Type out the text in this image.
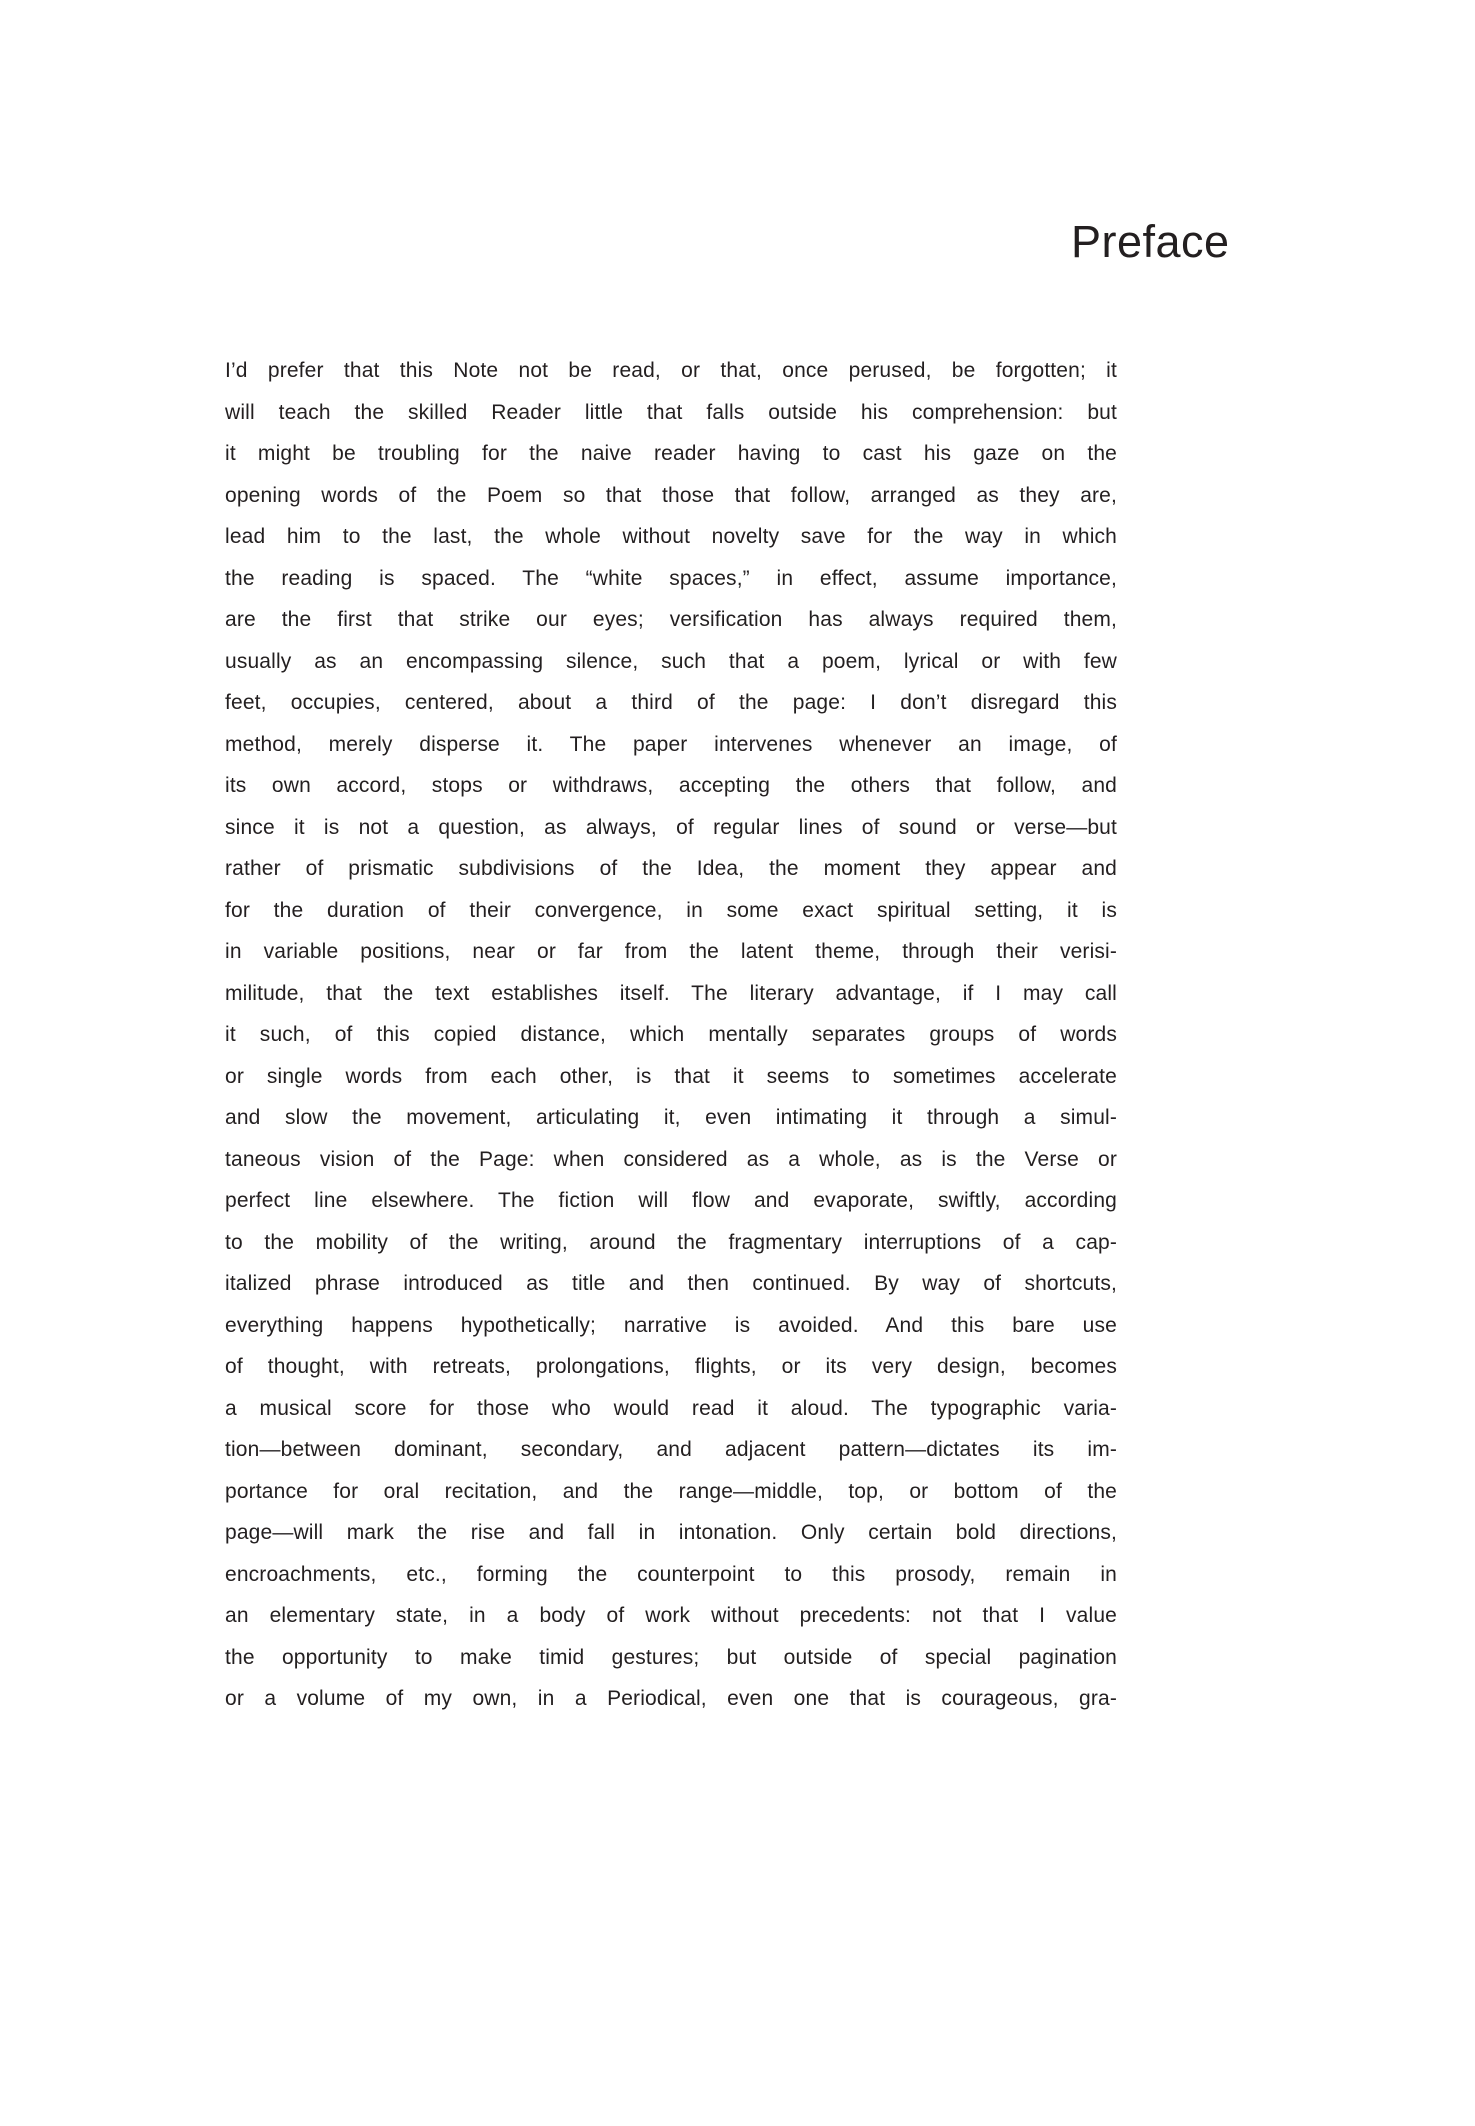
Preface
I’d prefer that this Note not be read, or that, once perused, be forgotten; it
will teach the skilled Reader little that falls outside his comprehension: but
it might be troubling for the naive reader having to cast his gaze on the
opening words of the Poem so that those that follow, arranged as they are,
lead him to the last, the whole without novelty save for the way in which
the reading is spaced. The “white spaces,” in effect, assume importance,
are the first that strike our eyes; versification has always required them,
usually as an encompassing silence, such that a poem, lyrical or with few
feet, occupies, centered, about a third of the page: I don’t disregard this
method, merely disperse it. The paper intervenes whenever an image, of
its own accord, stops or withdraws, accepting the others that follow, and
since it is not a question, as always, of regular lines of sound or verse—but
rather of prismatic subdivisions of the Idea, the moment they appear and
for the duration of their convergence, in some exact spiritual setting, it is
in variable positions, near or far from the latent theme, through their verisi-
militude, that the text establishes itself. The literary advantage, if I may call
it such, of this copied distance, which mentally separates groups of words
or single words from each other, is that it seems to sometimes accelerate
and slow the movement, articulating it, even intimating it through a simul-
taneous vision of the Page: when considered as a whole, as is the Verse or
perfect line elsewhere. The fiction will flow and evaporate, swiftly, according
to the mobility of the writing, around the fragmentary interruptions of a cap-
italized phrase introduced as title and then continued. By way of shortcuts,
everything happens hypothetically; narrative is avoided. And this bare use
of thought, with retreats, prolongations, flights, or its very design, becomes
a musical score for those who would read it aloud. The typographic varia-
tion—between dominant, secondary, and adjacent pattern—dictates its im-
portance for oral recitation, and the range—middle, top, or bottom of the
page—will mark the rise and fall in intonation. Only certain bold directions,
encroachments, etc., forming the counterpoint to this prosody, remain in
an elementary state, in a body of work without precedents: not that I value
the opportunity to make timid gestures; but outside of special pagination
or a volume of my own, in a Periodical, even one that is courageous, gra-
